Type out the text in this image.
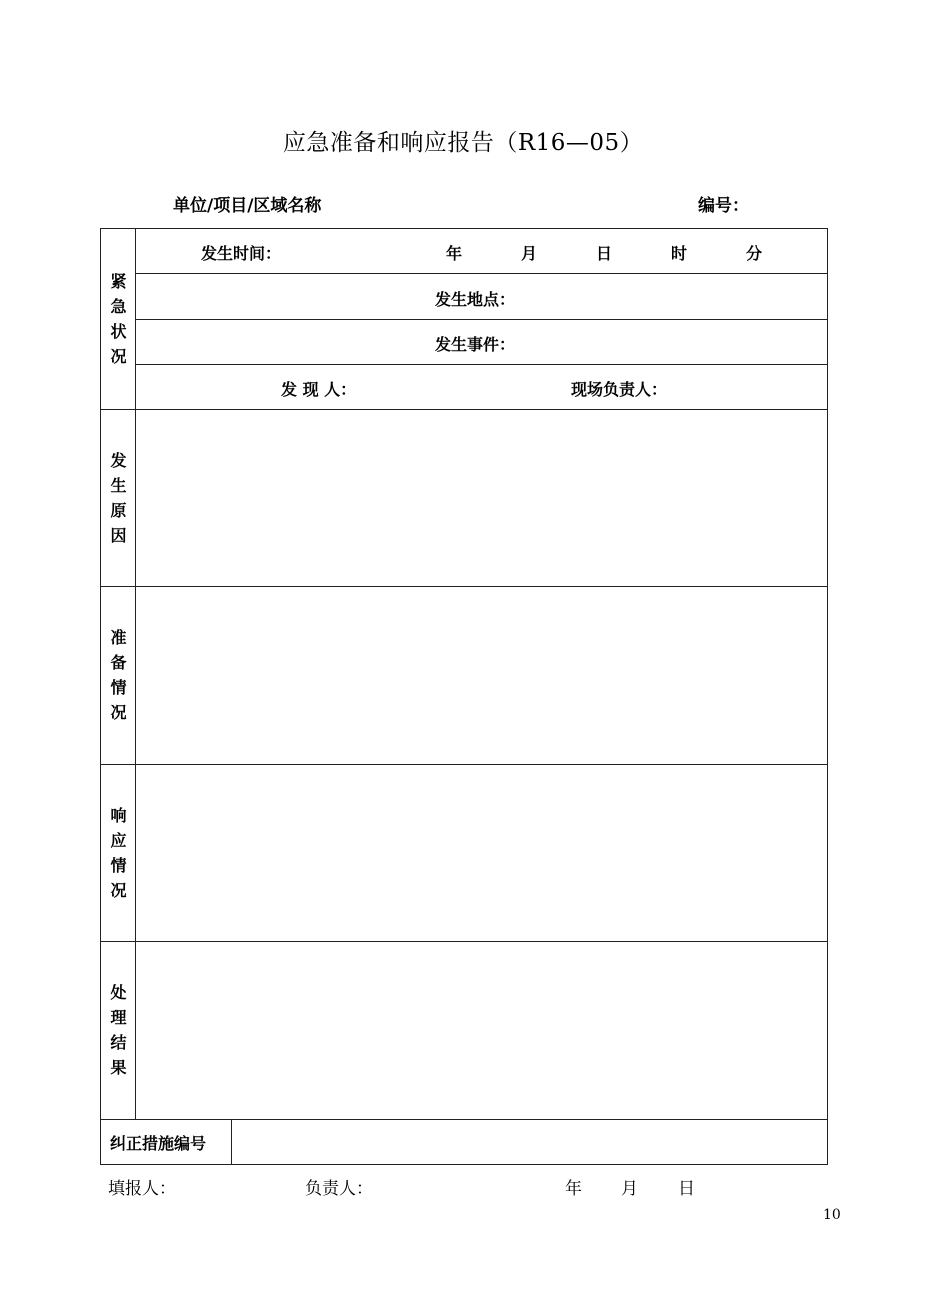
应急准备和响应报告（R16—05）
单位/项目/区域名称	编号：
紧
急
状
况
发生时间：	年	月	日	时	分
发生地点：
发生事件：
发 现 人：	现场负责人：
发
生
原
因
准
备
情
况
响
应
情
况
处
理
结
果
纠正措施编号
填报人：	负责人：	年 月 日
10
